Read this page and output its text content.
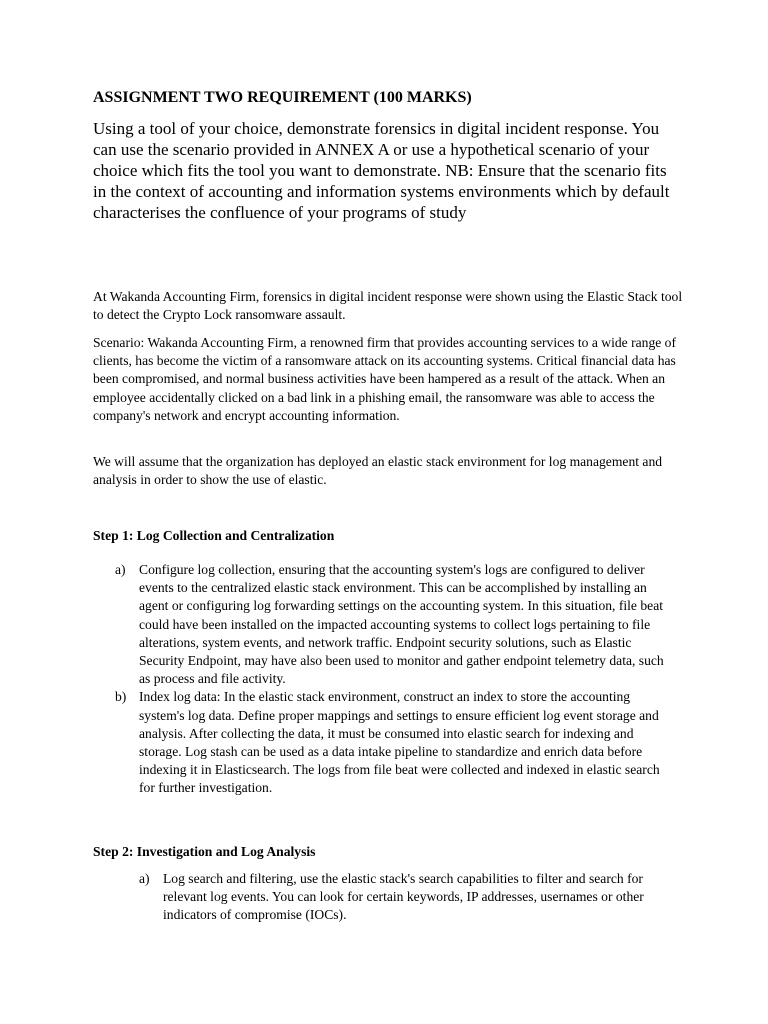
ASSIGNMENT TWO REQUIREMENT (100 MARKS)

Using a tool of your choice, demonstrate forensics in digital incident response. You can use the scenario provided in ANNEX A or use a hypothetical scenario of your choice which fits the tool you want to demonstrate. NB: Ensure that the scenario fits in the context of accounting and information systems environments which by default characterises the confluence of your programs of study

At Wakanda Accounting Firm, forensics in digital incident response were shown using the Elastic Stack tool to detect the Crypto Lock ransomware assault.

Scenario: Wakanda Accounting Firm, a renowned firm that provides accounting services to a wide range of clients, has become the victim of a ransomware attack on its accounting systems. Critical financial data has been compromised, and normal business activities have been hampered as a result of the attack. When an employee accidentally clicked on a bad link in a phishing email, the ransomware was able to access the company's network and encrypt accounting information.

We will assume that the organization has deployed an elastic stack environment for log management and analysis in order to show the use of elastic.

Step 1: Log Collection and Centralization
a) Configure log collection, ensuring that the accounting system's logs are configured to deliver events to the centralized elastic stack environment. This can be accomplished by installing an agent or configuring log forwarding settings on the accounting system. In this situation, file beat could have been installed on the impacted accounting systems to collect logs pertaining to file alterations, system events, and network traffic. Endpoint security solutions, such as Elastic Security Endpoint, may have also been used to monitor and gather endpoint telemetry data, such as process and file activity.
b) Index log data: In the elastic stack environment, construct an index to store the accounting system's log data. Define proper mappings and settings to ensure efficient log event storage and analysis. After collecting the data, it must be consumed into elastic search for indexing and storage. Log stash can be used as a data intake pipeline to standardize and enrich data before indexing it in Elasticsearch. The logs from file beat were collected and indexed in elastic search for further investigation.
Step 2: Investigation and Log Analysis
a) Log search and filtering, use the elastic stack's search capabilities to filter and search for relevant log events. You can look for certain keywords, IP addresses, usernames or other indicators of compromise (IOCs).
